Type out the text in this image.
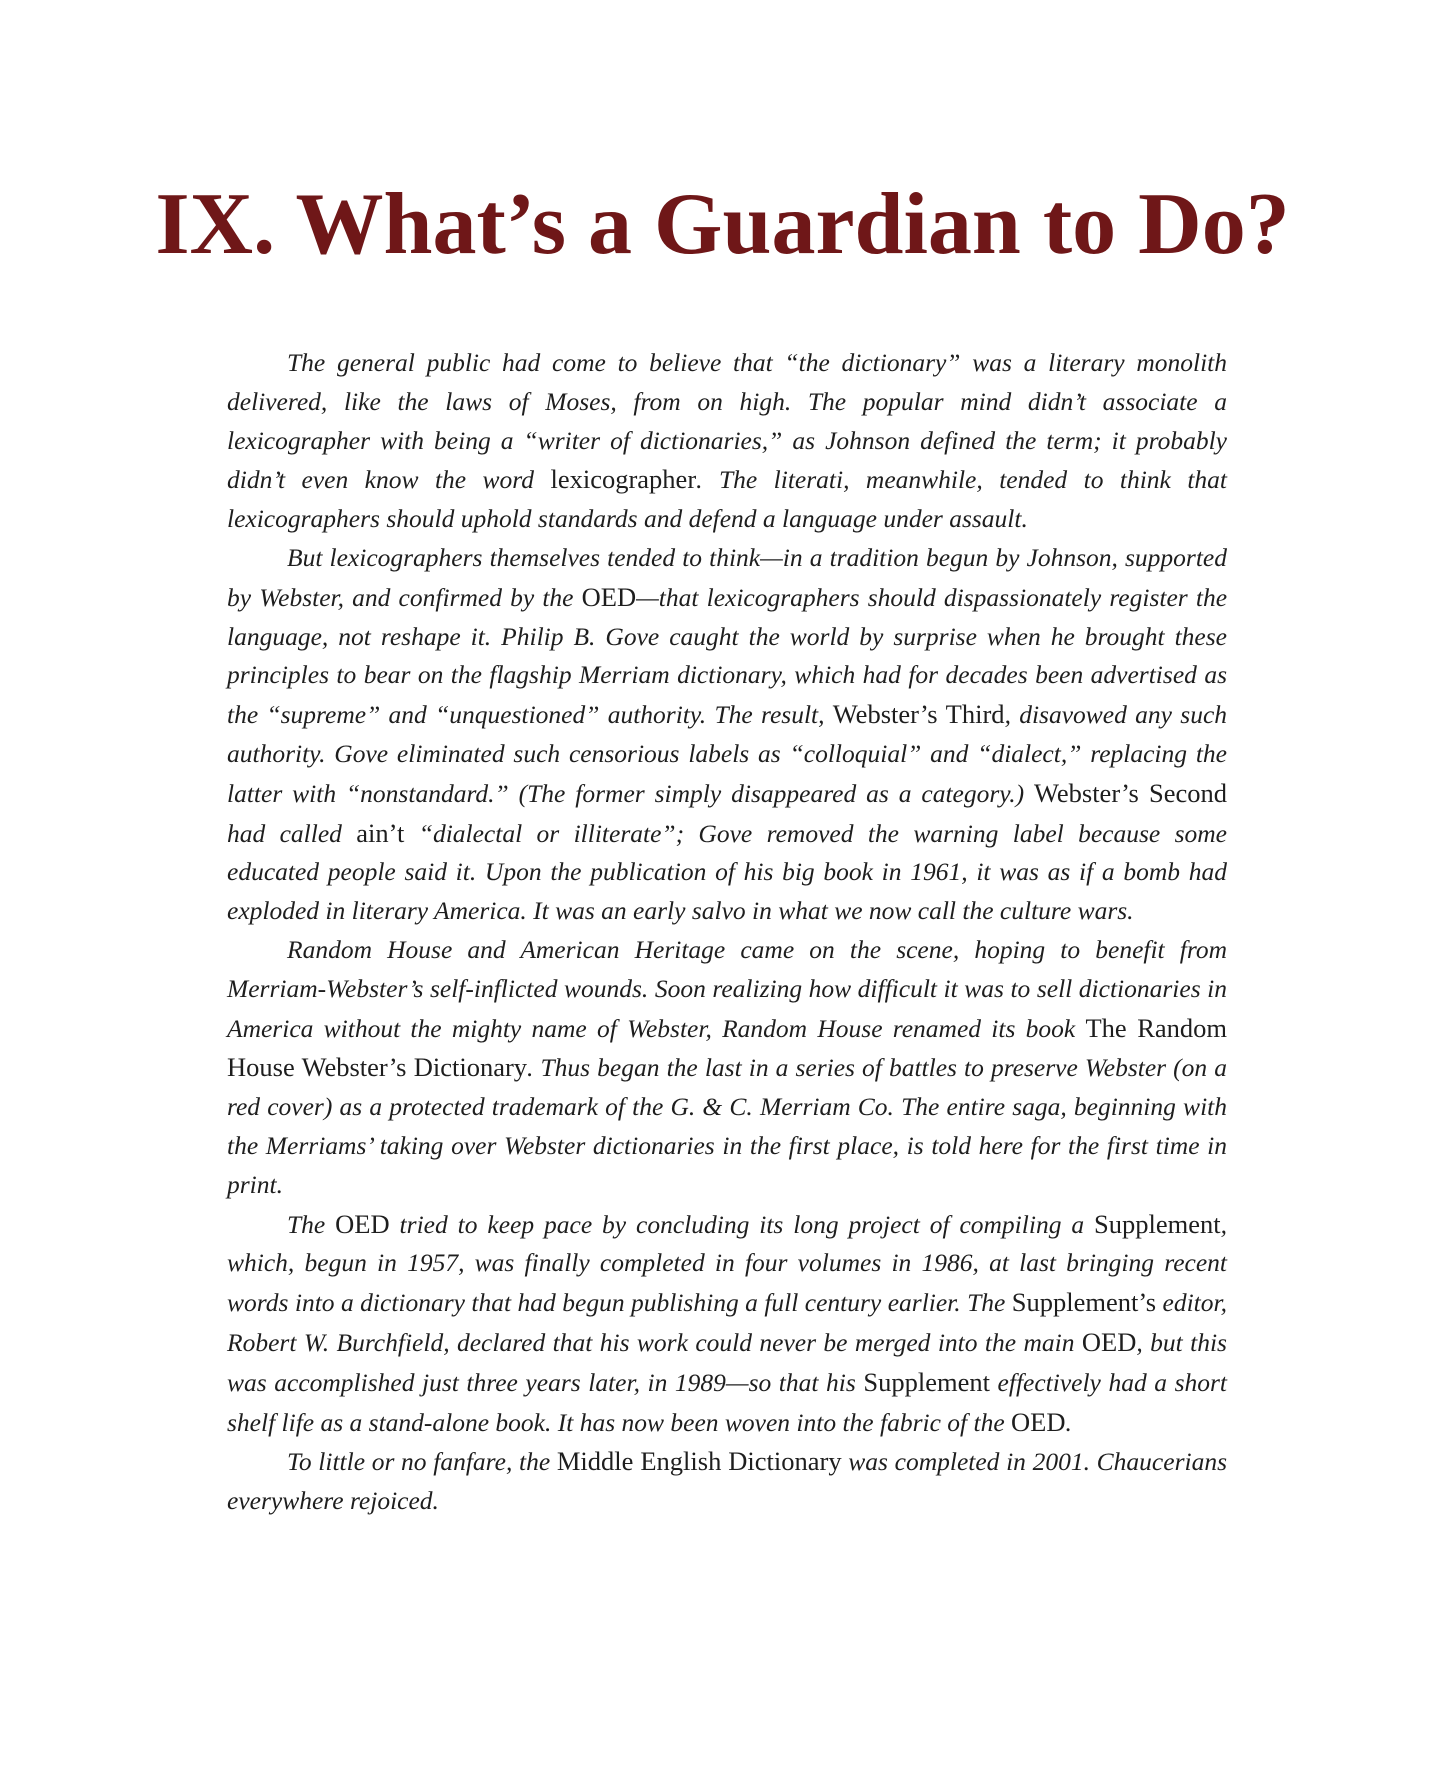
IX. What’s a Guardian to Do?

The general public had come to believe that “the dictionary” was a literary monolith delivered, like the laws of Moses, from on high. The popular mind didn’t associate a lexicographer with being a “writer of dictionaries,” as Johnson defined the term; it probably didn’t even know the word lexicographer. The literati, meanwhile, tended to think that lexicographers should uphold standards and defend a language under assault.

But lexicographers themselves tended to think—in a tradition begun by Johnson, supported by Webster, and confirmed by the OED—that lexicographers should dispassionately register the language, not reshape it. Philip B. Gove caught the world by surprise when he brought these principles to bear on the flagship Merriam dictionary, which had for decades been advertised as the “supreme” and “unquestioned” authority. The result, Webster’s Third, disavowed any such authority. Gove eliminated such censorious labels as “colloquial” and “dialect,” replacing the latter with “nonstandard.” (The former simply disappeared as a category.) Webster’s Second had called ain’t “dialectal or illiterate”; Gove removed the warning label because some educated people said it. Upon the publication of his big book in 1961, it was as if a bomb had exploded in literary America. It was an early salvo in what we now call the culture wars.

Random House and American Heritage came on the scene, hoping to benefit from Merriam-Webster’s self-inflicted wounds. Soon realizing how difficult it was to sell dictionaries in America without the mighty name of Webster, Random House renamed its book The Random House Webster’s Dictionary. Thus began the last in a series of battles to preserve Webster (on a red cover) as a protected trademark of the G. & C. Merriam Co. The entire saga, beginning with the Merriams’ taking over Webster dictionaries in the first place, is told here for the first time in print.

The OED tried to keep pace by concluding its long project of compiling a Supplement, which, begun in 1957, was finally completed in four volumes in 1986, at last bringing recent words into a dictionary that had begun publishing a full century earlier. The Supplement’s editor, Robert W. Burchfield, declared that his work could never be merged into the main OED, but this was accomplished just three years later, in 1989—so that his Supplement effectively had a short shelf life as a stand-alone book. It has now been woven into the fabric of the OED.

To little or no fanfare, the Middle English Dictionary was completed in 2001. Chaucerians everywhere rejoiced.
